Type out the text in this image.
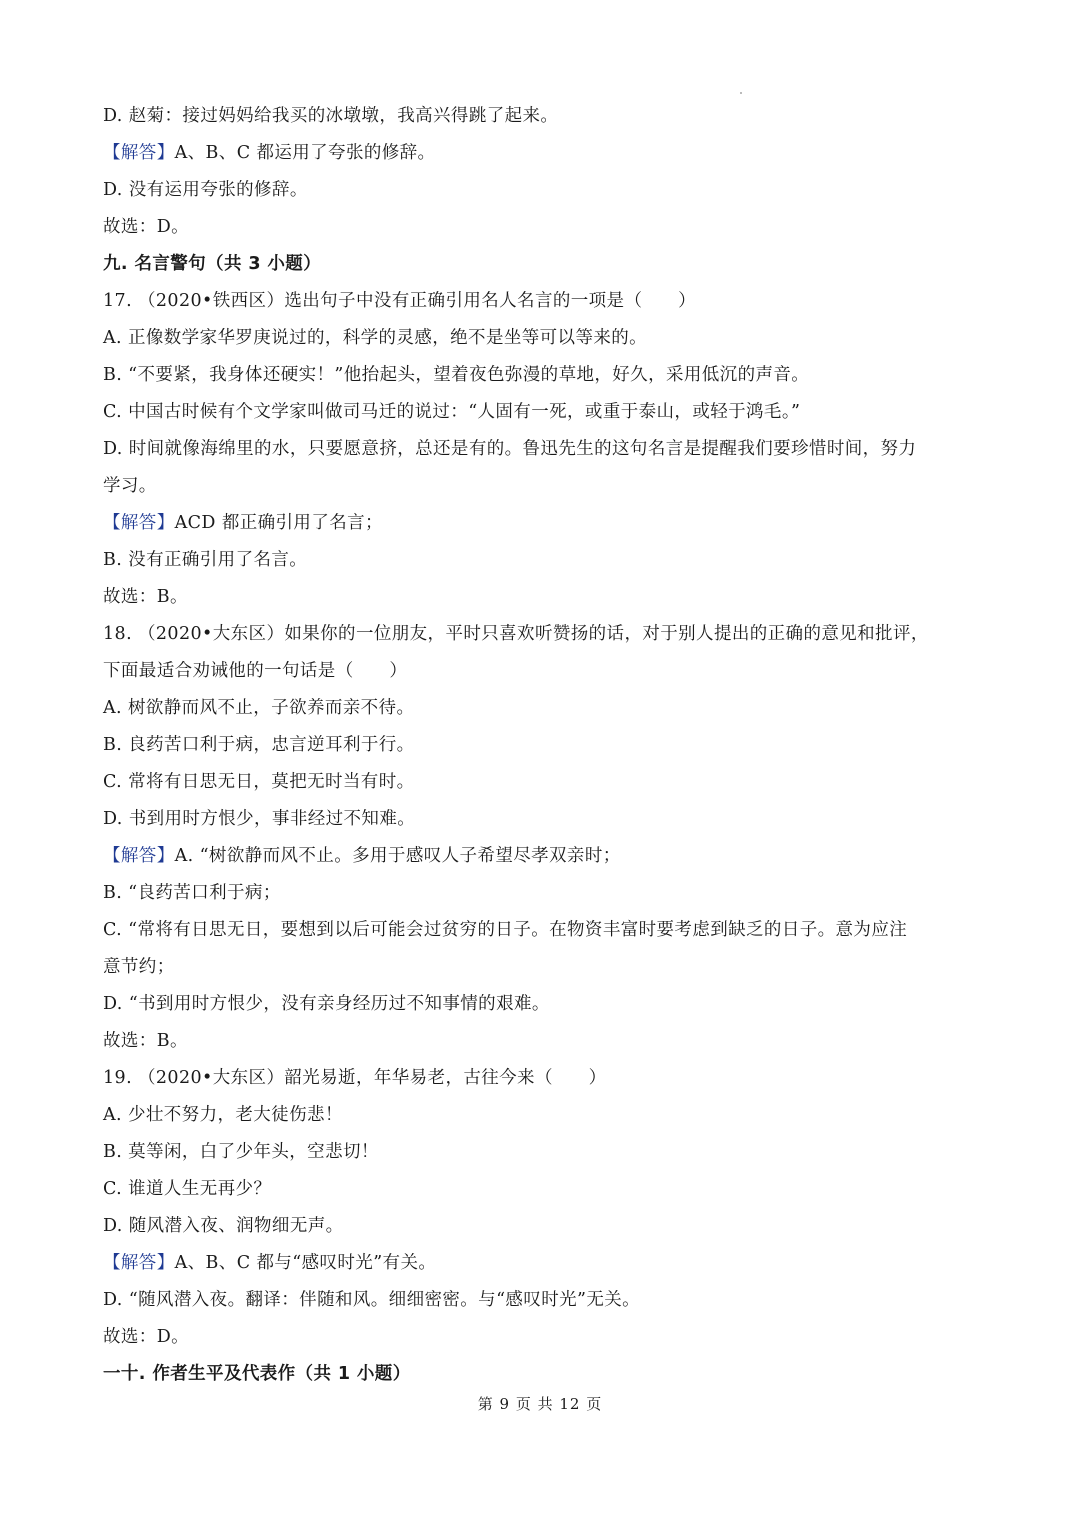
D. 赵菊：接过妈妈给我买的冰墩墩，我高兴得跳了起来。
【解答】A、B、C 都运用了夸张的修辞。
D. 没有运用夸张的修辞。
故选：D。
九. 名言警句（共 3 小题）
17. （2020•铁西区）选出句子中没有正确引用名人名言的一项是（　　）
A. 正像数学家华罗庚说过的，科学的灵感，绝不是坐等可以等来的。
B. “不要紧，我身体还硬实！”他抬起头，望着夜色弥漫的草地，好久，采用低沉的声音。
C. 中国古时候有个文学家叫做司马迁的说过：“人固有一死，或重于泰山，或轻于鸿毛。”
D. 时间就像海绵里的水，只要愿意挤，总还是有的。鲁迅先生的这句名言是提醒我们要珍惜时间，努力
学习。
【解答】ACD 都正确引用了名言；
B. 没有正确引用了名言。
故选：B。
18. （2020•大东区）如果你的一位朋友，平时只喜欢听赞扬的话，对于别人提出的正确的意见和批评，
下面最适合劝诫他的一句话是（　　）
A. 树欲静而风不止，子欲养而亲不待。
B. 良药苦口利于病，忠言逆耳利于行。
C. 常将有日思无日，莫把无时当有时。
D. 书到用时方恨少，事非经过不知难。
【解答】A. “树欲静而风不止。多用于感叹人子希望尽孝双亲时；
B. “良药苦口利于病；
C. “常将有日思无日，要想到以后可能会过贫穷的日子。在物资丰富时要考虑到缺乏的日子。意为应注
意节约；
D. “书到用时方恨少，没有亲身经历过不知事情的艰难。
故选：B。
19. （2020•大东区）韶光易逝，年华易老，古往今来（　　）
A. 少壮不努力，老大徒伤悲！
B. 莫等闲，白了少年头，空悲切！
C. 谁道人生无再少？
D. 随风潜入夜、润物细无声。
【解答】A、B、C 都与“感叹时光”有关。
D. “随风潜入夜。翻译：伴随和风。细细密密。与“感叹时光”无关。
故选：D。
一十. 作者生平及代表作（共 1 小题）
第 9 页 共 12 页
